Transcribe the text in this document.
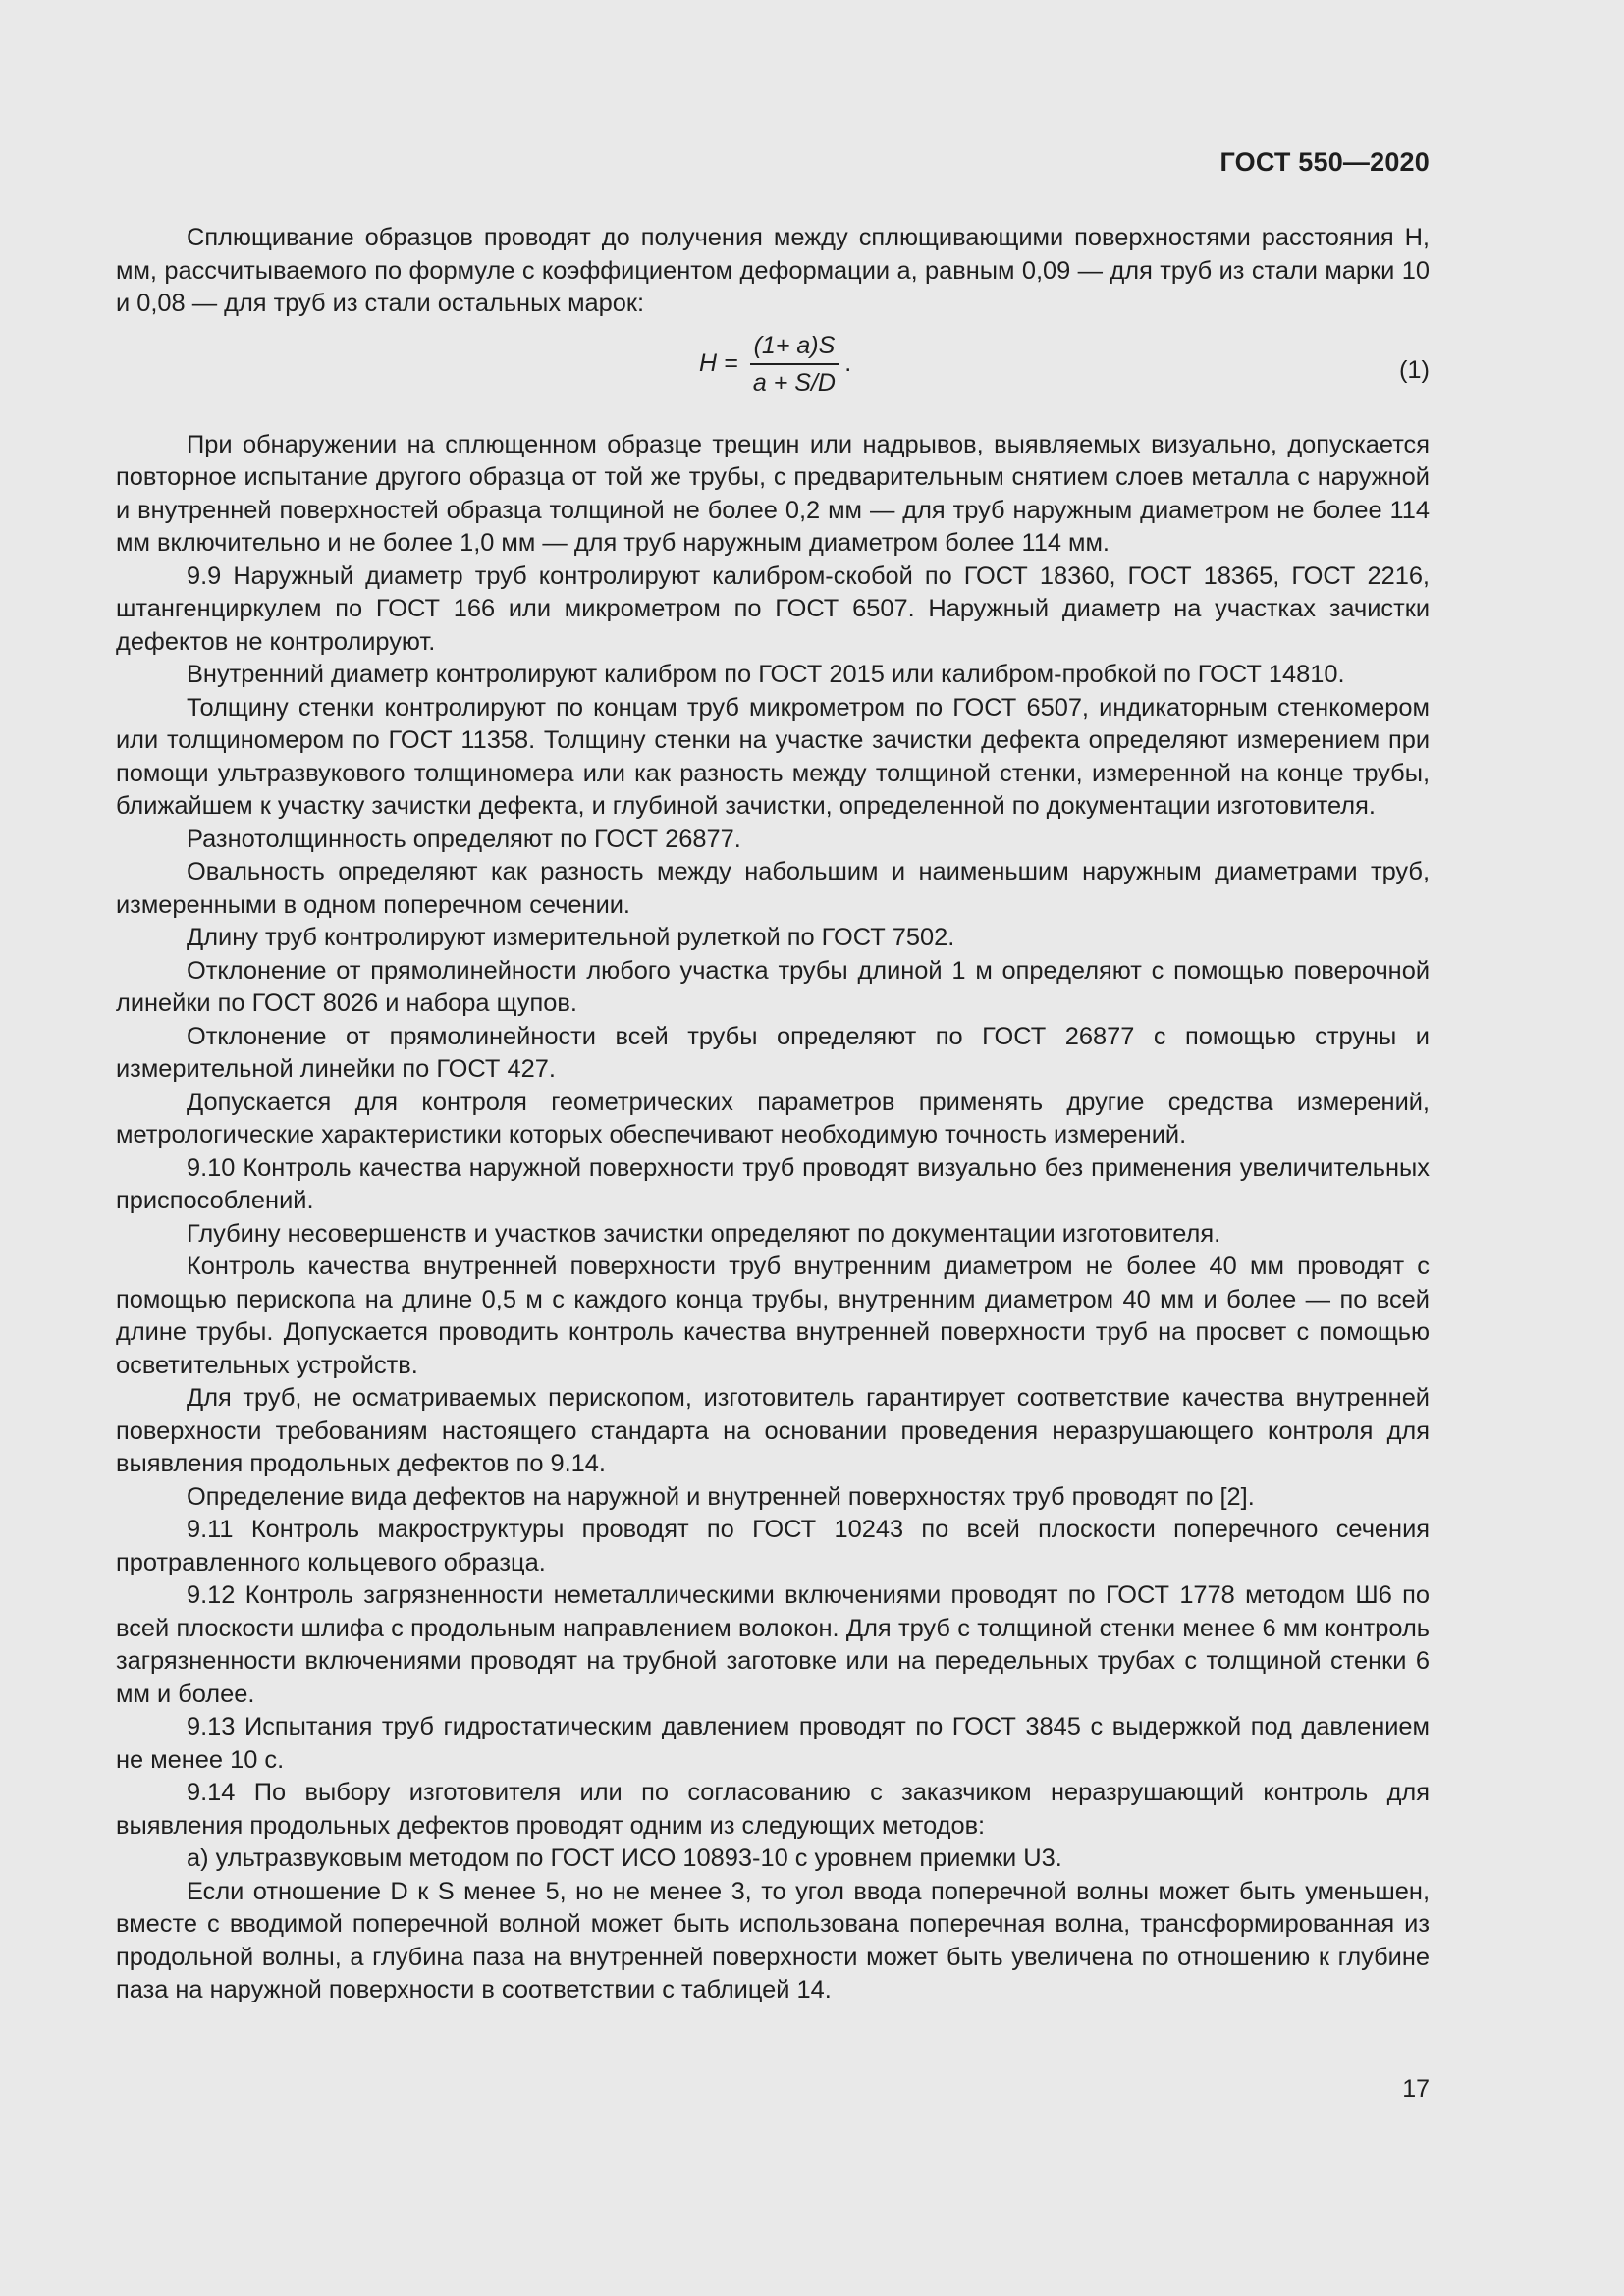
ГОСТ 550—2020

Сплющивание образцов проводят до получения между сплющивающими поверхностями расстояния H, мм, рассчитываемого по формуле с коэффициентом деформации a, равным 0,09 — для труб из стали марки 10 и 0,08 — для труб из стали остальных марок:

$H = \frac{(1+ a)S}{a + S/D}$ .	(1)

При обнаружении на сплющенном образце трещин или надрывов, выявляемых визуально, допускается повторное испытание другого образца от той же трубы, с предварительным снятием слоев металла с наружной и внутренней поверхностей образца толщиной не более 0,2 мм — для труб наружным диаметром не более 114 мм включительно и не более 1,0 мм — для труб наружным диаметром более 114 мм.

9.9 Наружный диаметр труб контролируют калибром-скобой по ГОСТ 18360, ГОСТ 18365, ГОСТ 2216, штангенциркулем по ГОСТ 166 или микрометром по ГОСТ 6507. Наружный диаметр на участках зачистки дефектов не контролируют.

Внутренний диаметр контролируют калибром по ГОСТ 2015 или калибром-пробкой по ГОСТ 14810.

Толщину стенки контролируют по концам труб микрометром по ГОСТ 6507, индикаторным стенкомером или толщиномером по ГОСТ 11358. Толщину стенки на участке зачистки дефекта определяют измерением при помощи ультразвукового толщиномера или как разность между толщиной стенки, измеренной на конце трубы, ближайшем к участку зачистки дефекта, и глубиной зачистки, определенной по документации изготовителя.

Разнотолщинность определяют по ГОСТ 26877.

Овальность определяют как разность между набольшим и наименьшим наружным диаметрами труб, измеренными в одном поперечном сечении.

Длину труб контролируют измерительной рулеткой по ГОСТ 7502.

Отклонение от прямолинейности любого участка трубы длиной 1 м определяют с помощью поверочной линейки по ГОСТ 8026 и набора щупов.

Отклонение от прямолинейности всей трубы определяют по ГОСТ 26877 с помощью струны и измерительной линейки по ГОСТ 427.

Допускается для контроля геометрических параметров применять другие средства измерений, метрологические характеристики которых обеспечивают необходимую точность измерений.

9.10 Контроль качества наружной поверхности труб проводят визуально без применения увеличительных приспособлений.

Глубину несовершенств и участков зачистки определяют по документации изготовителя.

Контроль качества внутренней поверхности труб внутренним диаметром не более 40 мм проводят с помощью перископа на длине 0,5 м с каждого конца трубы, внутренним диаметром 40 мм и более — по всей длине трубы. Допускается проводить контроль качества внутренней поверхности труб на просвет с помощью осветительных устройств.

Для труб, не осматриваемых перископом, изготовитель гарантирует соответствие качества внутренней поверхности требованиям настоящего стандарта на основании проведения неразрушающего контроля для выявления продольных дефектов по 9.14.

Определение вида дефектов на наружной и внутренней поверхностях труб проводят по [2].

9.11 Контроль макроструктуры проводят по ГОСТ 10243 по всей плоскости поперечного сечения протравленного кольцевого образца.

9.12 Контроль загрязненности неметаллическими включениями проводят по ГОСТ 1778 методом Ш6 по всей плоскости шлифа с продольным направлением волокон. Для труб с толщиной стенки менее 6 мм контроль загрязненности включениями проводят на трубной заготовке или на передельных трубах с толщиной стенки 6 мм и более.

9.13 Испытания труб гидростатическим давлением проводят по ГОСТ 3845 с выдержкой под давлением не менее 10 с.

9.14 По выбору изготовителя или по согласованию с заказчиком неразрушающий контроль для выявления продольных дефектов проводят одним из следующих методов:

а) ультразвуковым методом по ГОСТ ИСО 10893-10 с уровнем приемки U3.

Если отношение D к S менее 5, но не менее 3, то угол ввода поперечной волны может быть уменьшен, вместе с вводимой поперечной волной может быть использована поперечная волна, трансформированная из продольной волны, а глубина паза на внутренней поверхности может быть увеличена по отношению к глубине паза на наружной поверхности в соответствии с таблицей 14.

17
